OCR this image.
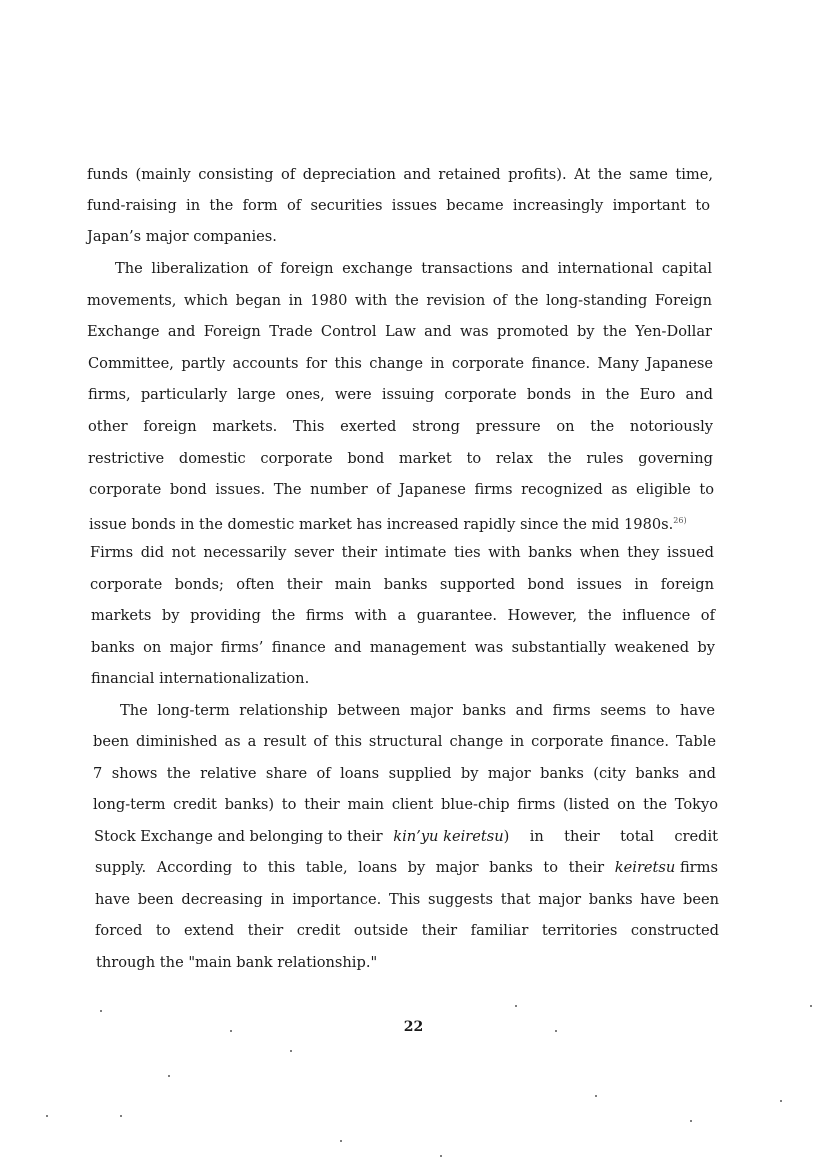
funds (mainly consisting of depreciation and retained profits). At the same time,
fund-raising in the form of securities issues became increasingly important to
Japan’s major companies.
The liberalization of foreign exchange transactions and international capital
movements, which began in 1980 with the revision of the long-standing Foreign
Exchange and Foreign Trade Control Law and was promoted by the Yen-Dollar
Committee, partly accounts for this change in corporate finance. Many Japanese
firms, particularly large ones, were issuing corporate bonds in the Euro and
other foreign markets. This exerted strong pressure on the notoriously
restrictive domestic corporate bond market to relax the rules governing
corporate bond issues. The number of Japanese firms recognized as eligible to
issue bonds in the domestic market has increased rapidly since the mid 1980s.$^{26)}$
Firms did not necessarily sever their intimate ties with banks when they issued
corporate bonds; often their main banks supported bond issues in foreign
markets by providing the firms with a guarantee. However, the influence of
banks on major firms’ finance and management was substantially weakened by
financial internationalization.
The long-term relationship between major banks and firms seems to have
been diminished as a result of this structural change in corporate finance. Table
7 shows the relative share of loans supplied by major banks (city banks and
long-term credit banks) to their main client blue-chip firms (listed on the Tokyo
Stock Exchange and belonging to their kin’yu keiretsu ) in their total credit
supply. According to this table, loans by major banks to their keiretsu firms
have been decreasing in importance. This suggests that major banks have been
forced to extend their credit outside their familiar territories constructed
through the "main bank relationship."
22
